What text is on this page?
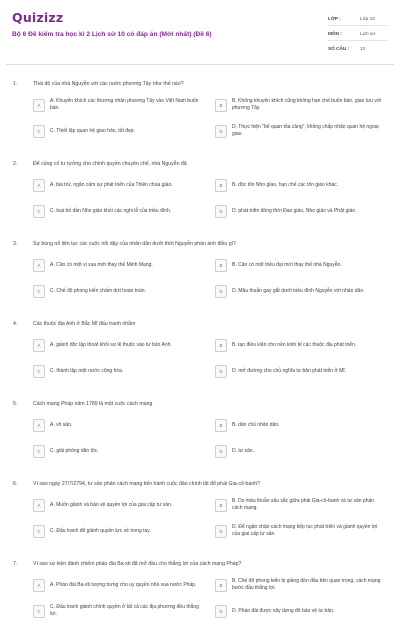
Quizizz
Bộ 6 Đề kiểm tra học kì 2 Lịch sử 10 có đáp án (Mới nhất) (Đề 6)
LỚP :	Lớp 10
MÔN :	Lịch sử
SỐ CÂU :	10
1.	Thái độ của nhà Nguyễn với các nước phương Tây như thế nào?
A
A. Khuyến khích các thương nhân phương Tây vào Việt Nam buôn bán.	B
B. Không khuyến khích cũng không hạn chế buôn bán, giao lưu với phương Tây.
C	C. Thiết lập quan hệ giao hảo, tốt đẹp.	D
D. Thực hiện "bế quan tỏa cảng", không chấp nhận quan hệ ngoại giao.
2.	Để củng cố tư tưởng cho chính quyền chuyên chế, nhà Nguyễn đã
A	A. bài trừ, ngăn cấm sự phát triển của Thiên chúa giáo.	B	B. độc tôn Nho giáo, hạn chế các tôn giáo khác.
C	C. loại bỏ dần Nho giáo khỏi các nghi lễ của triều đình.	D	D. phát triển đồng thời Đạo giáo, Nho giáo và Phật giáo.
3.	Sự bùng nổ liên tục các cuộc nổi dậy của nhân dân dưới thời Nguyễn phản ánh điều gì?
A	A. Căn có một vị vua mới thay thế Minh Mạng.	B	B. Căn có một triều đại mới thay thế nhà Nguyễn.
C	C. Chế độ phong kiến chấm dứt hoàn toàn.	D	D. Mâu thuẫn gay gắt dưới triều đình Nguyễn với nhân dân.
4.	Các thuộc địa Anh ở Bắc Mĩ đấu tranh nhằm
A	A. giành độc lập thoát khỏi sự lệ thuộc vào tư bản Anh.	B	B. tạo điều kiện cho nền kinh tế các thuộc địa phát triển.
C	C. thành lập một nước cộng hòa.	D	D. mở đường cho chủ nghĩa tư bản phát triển ở Mĩ.
5.	Cách mạng Pháp năm 1789 là một cuộc cách mạng
A	A. vô sản.	B	B. dân chủ nhân dân.
C	C. giải phóng dân tộc.	D	D. tư sản.
6.	Vì sao ngày 27/7/2794, tư sản phản cách mạng tiến hành cuộc đảo chính lật đổ phái Gia-cô-banh?
A	A. Muốn giành và bảo vệ quyền lợi của giai cấp tư sản.	B
B. Do mâu thuẫn sâu sắc giữa phái Gia-cô-banh và tư sản phản cách mạng.
C	C. Đấu tranh để giành quyền lực về trong tay.	D
D. Để ngăn chặn cách mạng tiếp tục phát triển và giành quyền lợi của giai cấp tư sản.
7.	Vì sao sự kiện đánh chiếm pháo đài Ba-xti đã mở đầu cho thắng lợi của cách mạng Pháp?
A	A. Pháo đài Ba-xti tượng trưng cho uy quyền nhà vua nước Pháp.	B
B. Chế độ phong kiến bị giáng đòn đầu tiên quan trọng, cách mạng bước đầu thắng lợi.
C
C. Đấu tranh giành chính quyền ở tất cả các địa phương đều thắng lợi.	D	D. Pháo đài được xây dựng để bảo vệ tư bản.
